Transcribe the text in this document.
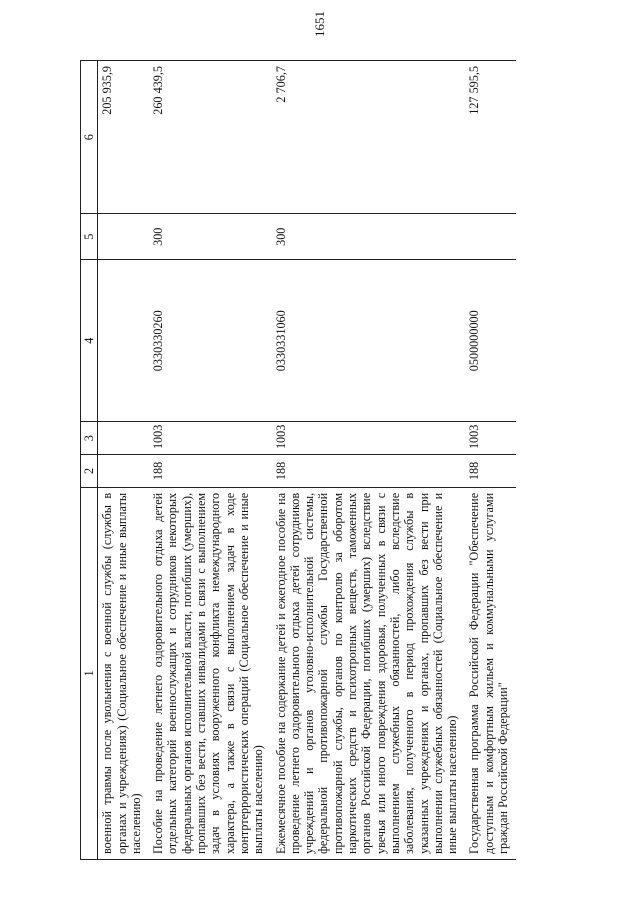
1651
1	2	3	4	5	6
военной травмы после увольнения с военной службы (службы в органах и учреждениях) (Социальное обеспечение и иные выплаты населению)					205 935,9
Пособие на проведение летнего оздоровительного отдыха детей отдельных категорий военнослужащих и сотрудников некоторых федеральных органов исполнительной власти, погибших (умерших), пропавших без вести, ставших инвалидами в связи с выполнением задач в условиях вооруженного конфликта немеждународного характера, а также в связи с выполнением задач в ходе контртеррористических операций (Социальное обеспечение и иные выплаты населению)	188	1003	0330330260	300	260 439,5
Ежемесячное пособие на содержание детей и ежегодное пособие на проведение летнего оздоровительного отдыха детей сотрудников учреждений и органов уголовно-исполнительной системы, федеральной противопожарной службы Государственной противопожарной службы, органов по контролю за оборотом наркотических средств и психотропных веществ, таможенных органов Российской Федерации, погибших (умерших) вследствие увечья или иного повреждения здоровья, полученных в связи с выполнением служебных обязанностей, либо вследствие заболевания, полученного в период прохождения службы в указанных учреждениях и органах, пропавших без вести при выполнении служебных обязанностей (Социальное обеспечение и иные выплаты населению)	188	1003	0330331060	300	2 706,7
Государственная программа Российской Федерации "Обеспечение доступным и комфортным жильем и коммунальными услугами граждан Российской Федерации"	188	1003	0500000000		127 595,5
